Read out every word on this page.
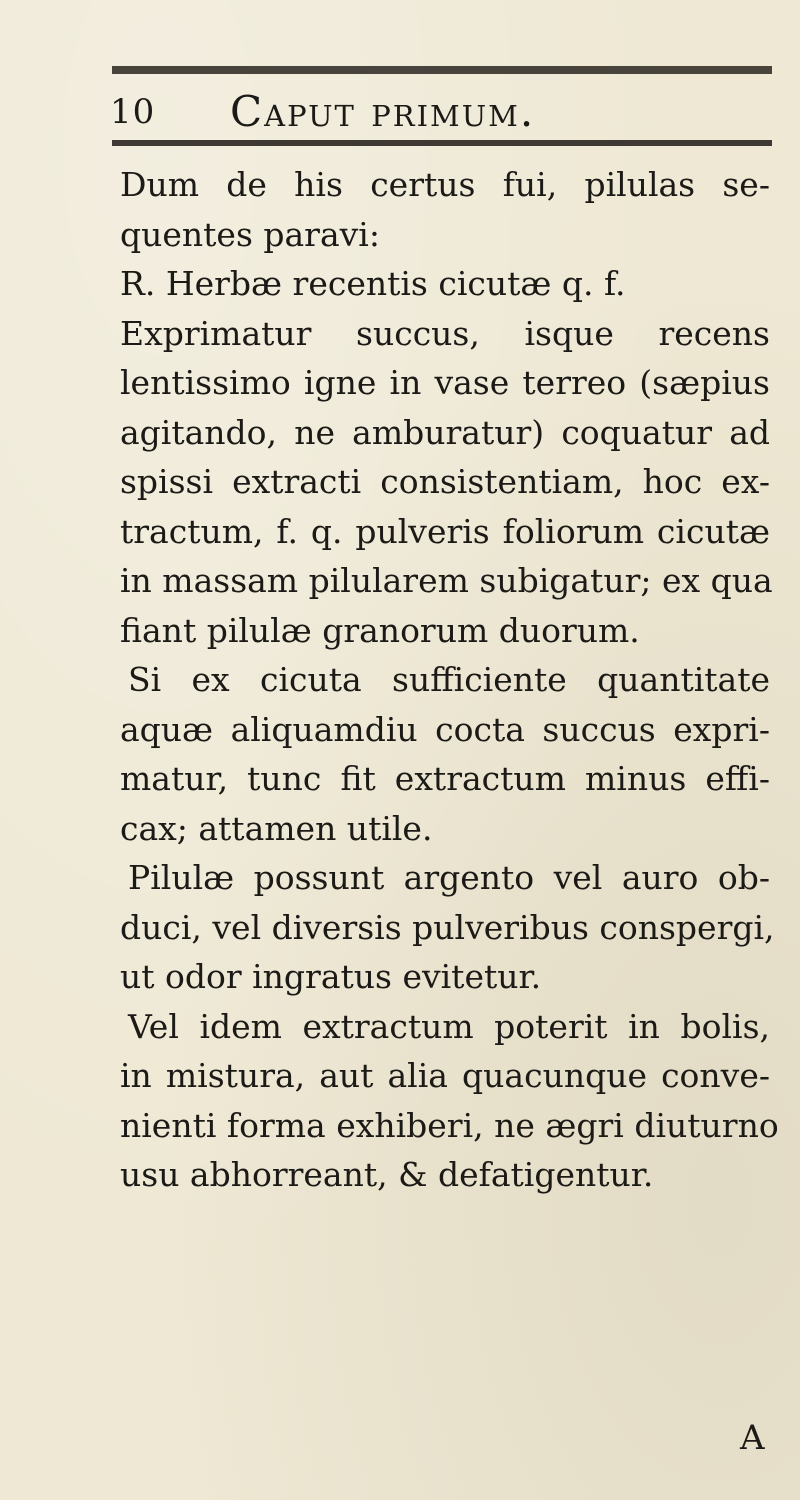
10 Caput primum.
Dum de his certus fui, pilulas se-
quentes paravi:
R. Herbæ recentis cicutæ q. f.
Exprimatur succus, isque recens
lentissimo igne in vase terreo (sæpius
agitando, ne amburatur) coquatur ad
spissi extracti consistentiam, hoc ex-
tractum, f. q. pulveris foliorum cicutæ
in massam pilularem subigatur; ex qua
fiant pilulæ granorum duorum.
Si ex cicuta sufficiente quantitate
aquæ aliquamdiu cocta succus expri-
matur, tunc fit extractum minus effi-
cax; attamen utile.
Pilulæ possunt argento vel auro ob-
duci, vel diversis pulveribus conspergi,
ut odor ingratus evitetur.
Vel idem extractum poterit in bolis,
in mistura, aut alia quacunque conve-
nienti forma exhiberi, ne ægri diuturno
usu abhorreant, & defatigentur.
A
